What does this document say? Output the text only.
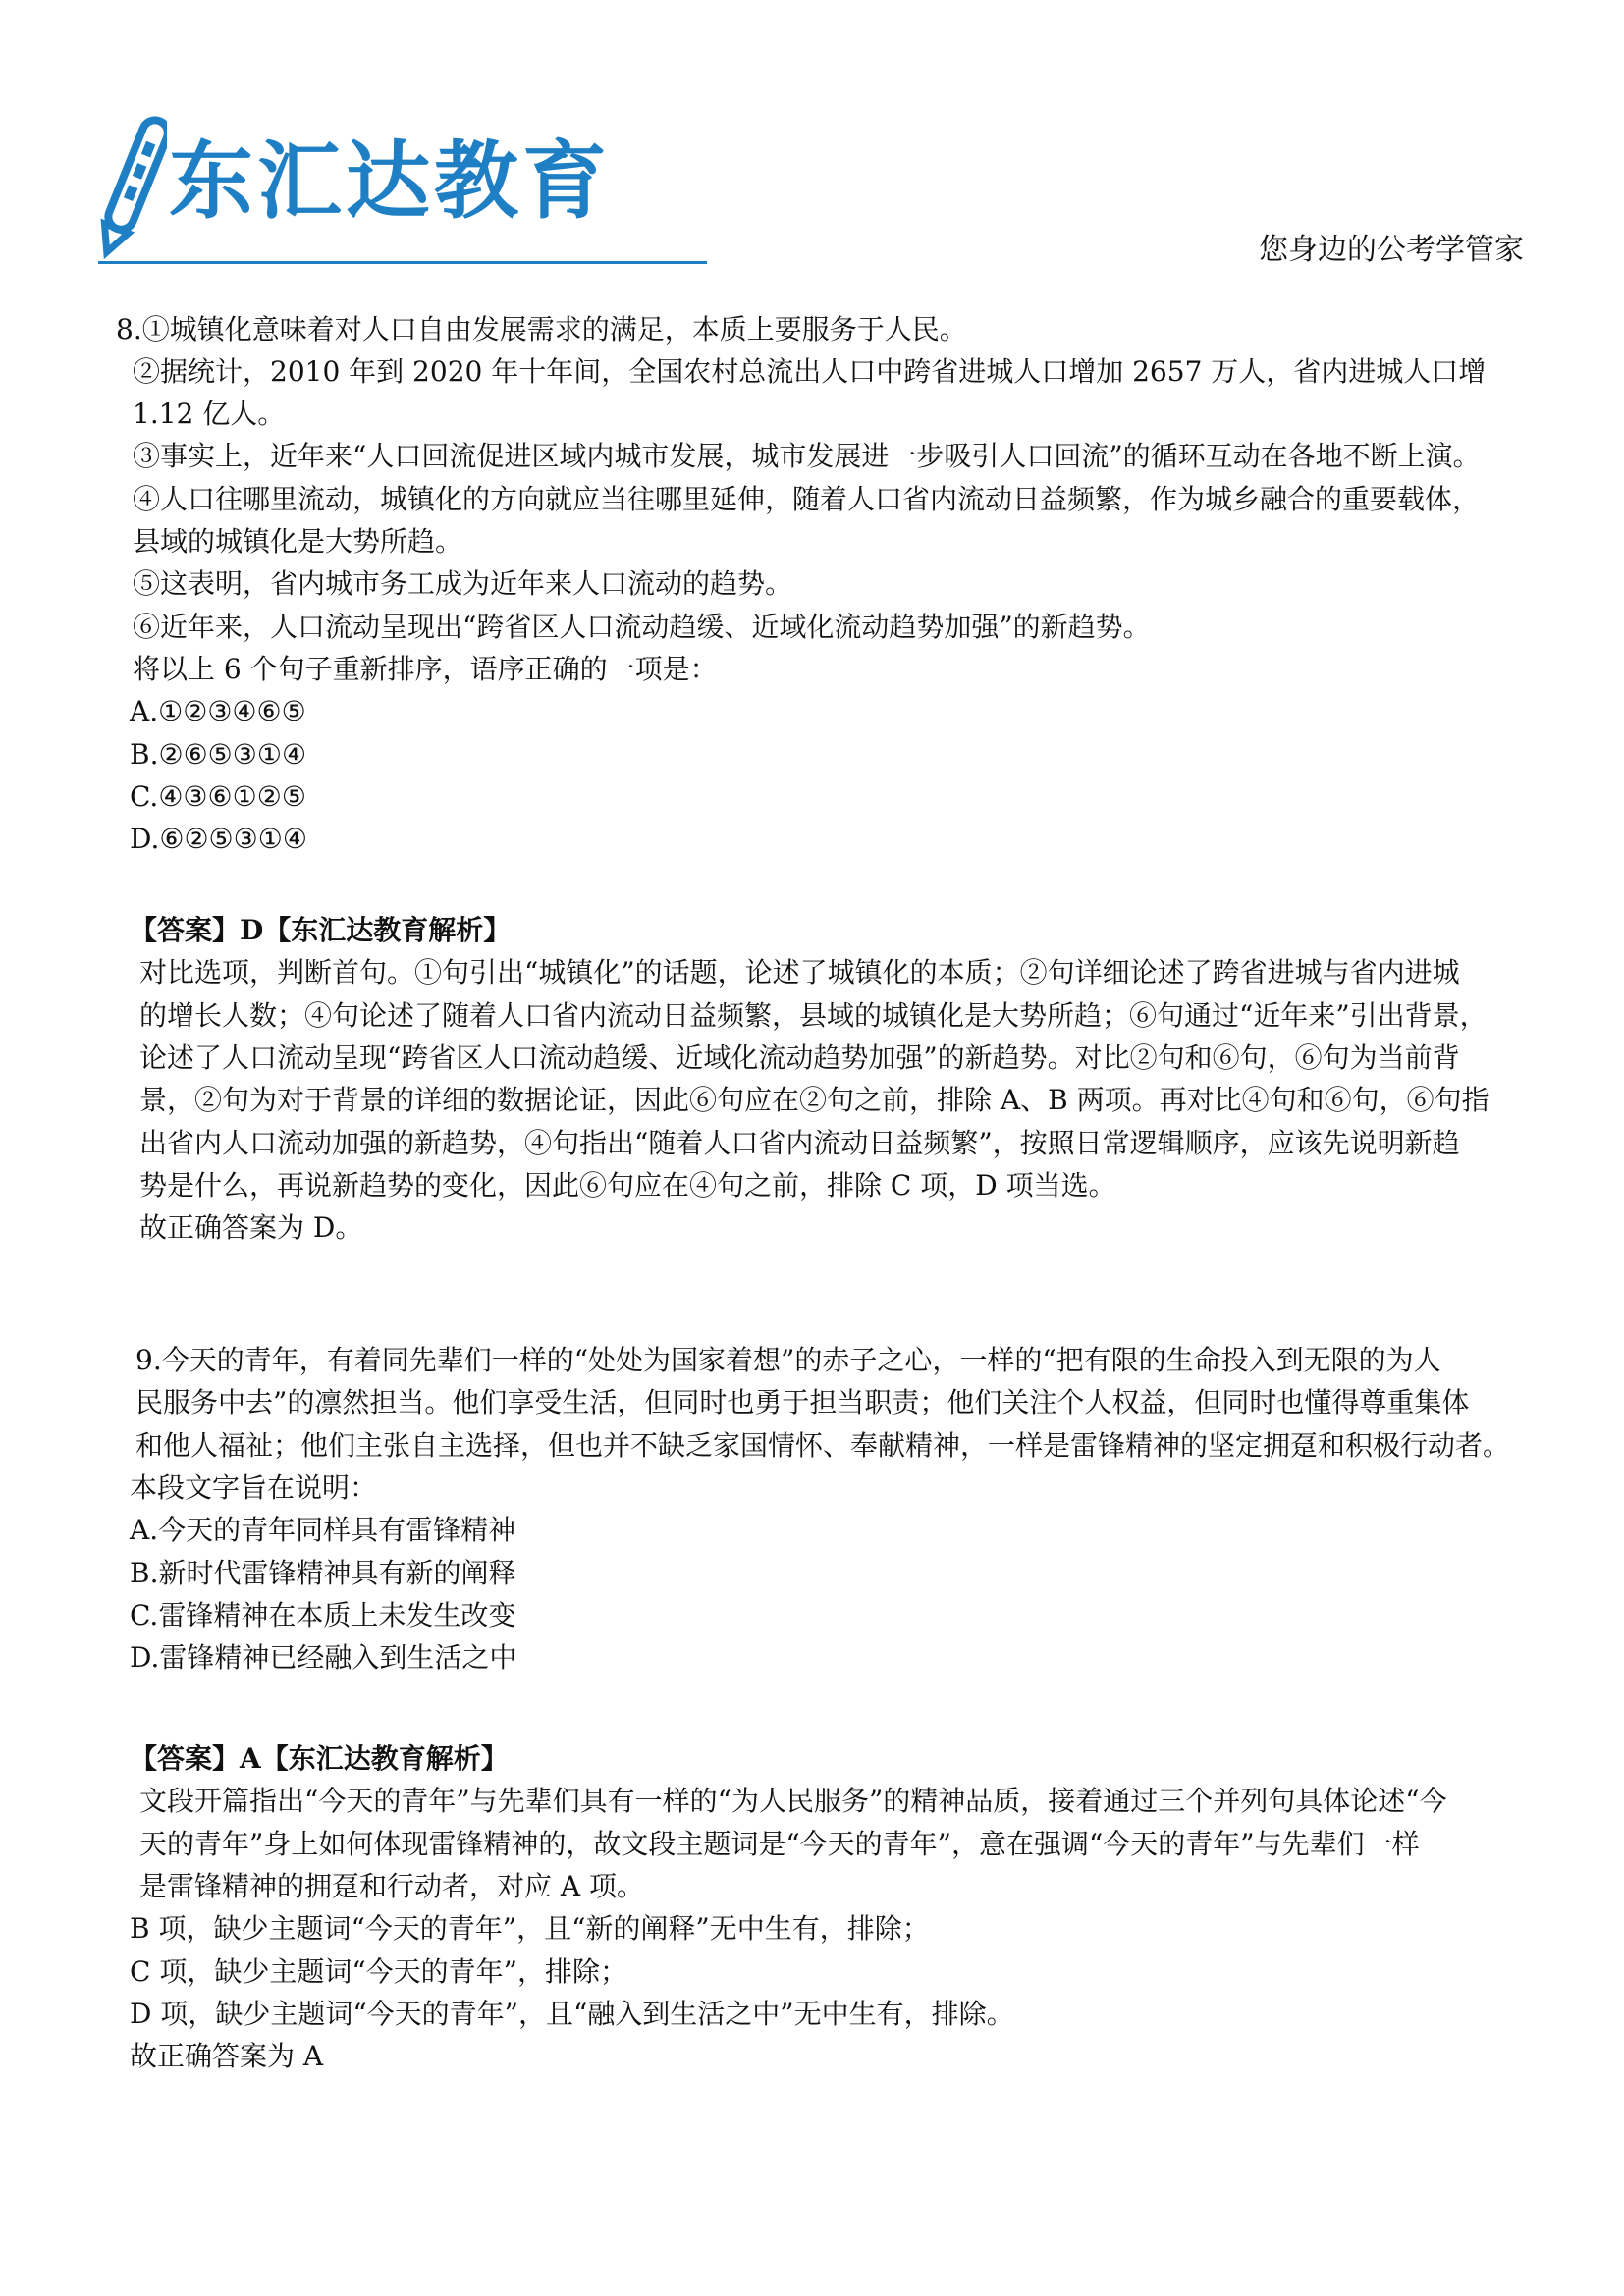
东汇达教育
您身边的公考学管家
8.①城镇化意味着对人口自由发展需求的满足，本质上要服务于人民。
②据统计，2010 年到 2020 年十年间，全国农村总流出人口中跨省进城人口增加 2657 万人，省内进城人口增
1.12 亿人。
③事实上，近年来“人口回流促进区域内城市发展，城市发展进一步吸引人口回流”的循环互动在各地不断上演。
④人口往哪里流动，城镇化的方向就应当往哪里延伸，随着人口省内流动日益频繁，作为城乡融合的重要载体，
县域的城镇化是大势所趋。
⑤这表明，省内城市务工成为近年来人口流动的趋势。
⑥近年来，人口流动呈现出“跨省区人口流动趋缓、近域化流动趋势加强”的新趋势。
将以上 6 个句子重新排序，语序正确的一项是：
A.①②③④⑥⑤
B.②⑥⑤③①④
C.④③⑥①②⑤
D.⑥②⑤③①④
【答案】D【东汇达教育解析】
对比选项，判断首句。①句引出“城镇化”的话题，论述了城镇化的本质；②句详细论述了跨省进城与省内进城
的增长人数；④句论述了随着人口省内流动日益频繁，县域的城镇化是大势所趋；⑥句通过“近年来”引出背景，
论述了人口流动呈现“跨省区人口流动趋缓、近域化流动趋势加强”的新趋势。对比②句和⑥句，⑥句为当前背
景，②句为对于背景的详细的数据论证，因此⑥句应在②句之前，排除 A、B 两项。再对比④句和⑥句，⑥句指
出省内人口流动加强的新趋势，④句指出“随着人口省内流动日益频繁”，按照日常逻辑顺序，应该先说明新趋
势是什么，再说新趋势的变化，因此⑥句应在④句之前，排除 C 项，D 项当选。
故正确答案为 D。
9.今天的青年，有着同先辈们一样的“处处为国家着想”的赤子之心，一样的“把有限的生命投入到无限的为人
民服务中去”的凛然担当。他们享受生活，但同时也勇于担当职责；他们关注个人权益，但同时也懂得尊重集体
和他人福祉；他们主张自主选择，但也并不缺乏家国情怀、奉献精神，一样是雷锋精神的坚定拥趸和积极行动者。
本段文字旨在说明：
A.今天的青年同样具有雷锋精神
B.新时代雷锋精神具有新的阐释
C.雷锋精神在本质上未发生改变
D.雷锋精神已经融入到生活之中
【答案】A【东汇达教育解析】
文段开篇指出“今天的青年”与先辈们具有一样的“为人民服务”的精神品质，接着通过三个并列句具体论述“今
天的青年”身上如何体现雷锋精神的，故文段主题词是“今天的青年”，意在强调“今天的青年”与先辈们一样
是雷锋精神的拥趸和行动者，对应 A 项。
B 项，缺少主题词“今天的青年”，且“新的阐释”无中生有，排除；
C 项，缺少主题词“今天的青年”，排除；
D 项，缺少主题词“今天的青年”，且“融入到生活之中”无中生有，排除。
故正确答案为 A
